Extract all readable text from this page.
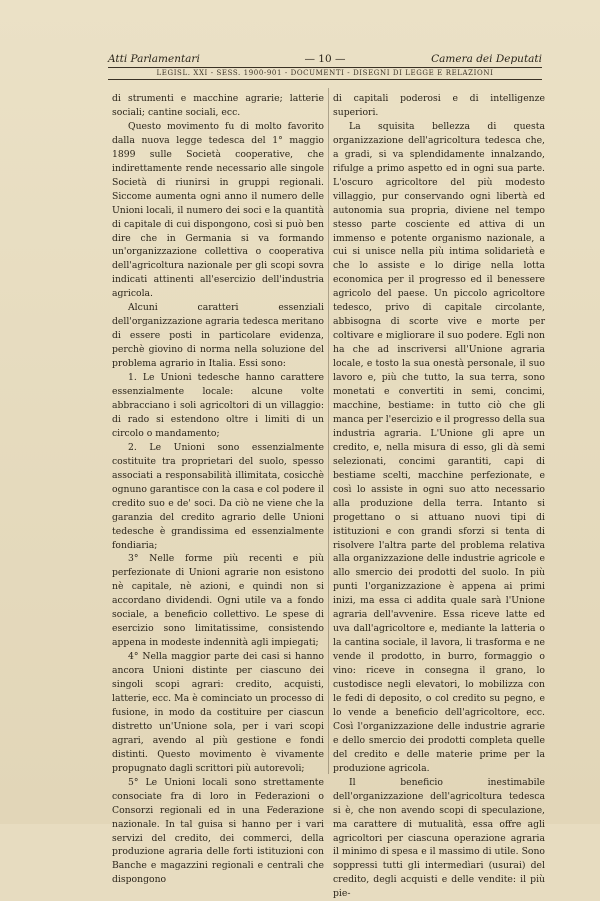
Atti Parlamentari	— 10 —	Camera dei Deputati
LEGISL. XXI - SESS. 1900-901 - DOCUMENTI - DISEGNI DI LEGGE E RELAZIONI

di strumenti e macchine agrarie; latterie sociali; cantine sociali, ecc.

Questo movimento fu di molto favorito dalla nuova legge tedesca del 1° maggio 1899 sulle Società cooperative, che indirettamente rende necessario alle singole Società di riunirsi in gruppi regionali. Siccome aumenta ogni anno il numero delle Unioni locali, il numero dei soci e la quantità di capitale di cui dispongono, così si può ben dire che in Germania si va formando un'organizzazione collettiva o cooperativa dell'agricoltura nazionale per gli scopi sovra indicati attinenti all'esercizio dell'industria agricola.

Alcuni caratteri essenziali dell'organizzazione agraria tedesca meritano di essere posti in particolare evidenza, perchè giovino di norma nella soluzione del problema agrario in Italia. Essi sono:

1. Le Unioni tedesche hanno carattere essenzialmente locale: alcune volte abbracciano i soli agricoltori di un villaggio: di rado si estendono oltre i limiti di un circolo o mandamento;

2. Le Unioni sono essenzialmente costituite tra proprietari del suolo, spesso associati a responsabilità illimitata, cosicchè ognuno garantisce con la casa e col podere il credito suo e de' soci. Da ciò ne viene che la garanzia del credito agrario delle Unioni tedesche è grandissima ed essenzialmente fondiaria;

3° Nelle forme più recenti e più perfezionate di Unioni agrarie non esistono nè capitale, nè azioni, e quindi non si accordano dividendi. Ogni utile va a fondo sociale, a beneficio collettivo. Le spese di esercizio sono limitatissime, consistendo appena in modeste indennità agli impiegati;

4° Nella maggior parte dei casi si hanno ancora Unioni distinte per ciascuno dei singoli scopi agrari: credito, acquisti, latterie, ecc. Ma è cominciato un processo di fusione, in modo da costituire per ciascun distretto un'Unione sola, per i vari scopi agrari, avendo al più gestione e fondi distinti. Questo movimento è vivamente propugnato dagli scrittori più autorevoli;

5° Le Unioni locali sono strettamente consociate fra di loro in Federazioni o Consorzi regionali ed in una Federazione nazionale. In tal guisa si hanno per i vari servizi del credito, dei commerci, della produzione agraria delle forti istituzioni con Banche e magazzini regionali e centrali che dispongono

di capitali poderosi e di intelligenze superiori.

La squisita bellezza di questa organizzazione dell'agricoltura tedesca che, a gradi, si va splendidamente innalzando, rifulge a primo aspetto ed in ogni sua parte. L'oscuro agricoltore del più modesto villaggio, pur conservando ogni libertà ed autonomia sua propria, diviene nel tempo stesso parte cosciente ed attiva di un immenso e potente organismo nazionale, a cui si unisce nella più intima solidarietà e che lo assiste e lo dirige nella lotta economica per il progresso ed il benessere agricolo del paese. Un piccolo agricoltore tedesco, privo di capitale circolante, abbisogna di scorte vive e morte per coltivare e migliorare il suo podere. Egli non ha che ad inscriversi all'Unione agraria locale, e tosto la sua onestà personale, il suo lavoro e, più che tutto, la sua terra, sono monetati e convertiti in semi, concimi, macchine, bestiame: in tutto ciò che gli manca per l'esercizio e il progresso della sua industria agraria. L'Unione gli apre un credito, e, nella misura di esso, gli dà semi selezionati, concimi garantiti, capi di bestiame scelti, macchine perfezionate, e così lo assiste in ogni suo atto necessario alla produzione della terra. Intanto si progettano o si attuano nuovi tipi di istituzioni e con grandi sforzi si tenta di risolvere l'altra parte del problema relativa alla organizzazione delle industrie agricole e allo smercio dei prodotti del suolo. In più punti l'organizzazione è appena ai primi inizi, ma essa ci addita quale sarà l'Unione agraria dell'avvenire. Essa riceve latte ed uva dall'agricoltore e, mediante la latteria o la cantina sociale, il lavora, li trasforma e ne vende il prodotto, in burro, formaggio o vino: riceve in consegna il grano, lo custodisce negli elevatori, lo mobilizza con le fedi di deposito, o col credito su pegno, e lo vende a beneficio dell'agricoltore, ecc. Così l'organizzazione delle industrie agrarie e dello smercio dei prodotti completa quelle del credito e delle materie prime per la produzione agricola.

Il beneficio inestimabile dell'organizzazione dell'agricoltura tedesca si è, che non avendo scopi di speculazione, ma carattere di mutualità, essa offre agli agricoltori per ciascuna operazione agraria il minimo di spesa e il massimo di utile. Sono soppressi tutti gli intermedìari (usurai) del credito, degli acquisti e delle vendite: il più pie-
